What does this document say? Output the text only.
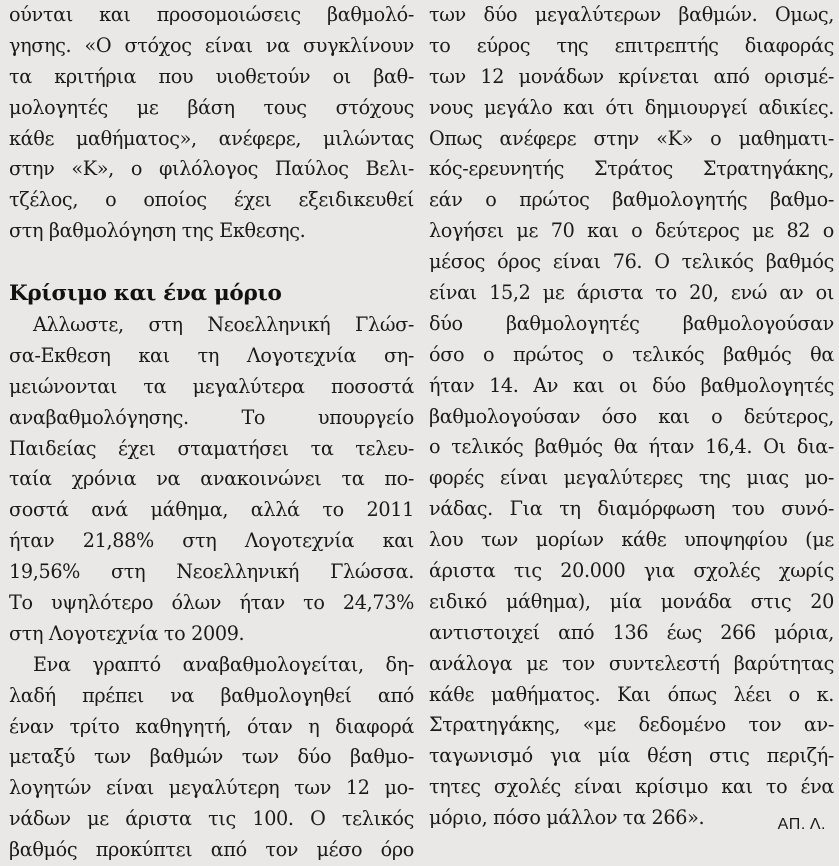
ούνται και προσομοιώσεις βαθμολό-
γησης. «Ο στόχος είναι να συγκλίνουν
τα κριτήρια που υιοθετούν οι βαθ-
μολογητές με βάση τους στόχους
κάθε μαθήματος», ανέφερε, μιλώντας
στην «Κ», ο φιλόλογος Παύλος Βελι-
τζέλος, ο οποίος έχει εξειδικευθεί
στη βαθμολόγηση της Εκθεσης.
Κρίσιμο και ένα μόριο
Αλλωστε, στη Νεοελληνική Γλώσ-
σα-Εκθεση και τη Λογοτεχνία ση-
μειώνονται τα μεγαλύτερα ποσοστά
αναβαθμολόγησης. Το υπουργείο
Παιδείας έχει σταματήσει τα τελευ-
ταία χρόνια να ανακοινώνει τα πο-
σοστά ανά μάθημα, αλλά το 2011
ήταν 21,88% στη Λογοτεχνία και
19,56% στη Νεοελληνική Γλώσσα.
Το υψηλότερο όλων ήταν το 24,73%
στη Λογοτεχνία το 2009.
Ενα γραπτό αναβαθμολογείται, δη-
λαδή πρέπει να βαθμολογηθεί από
έναν τρίτο καθηγητή, όταν η διαφορά
μεταξύ των βαθμών των δύο βαθμο-
λογητών είναι μεγαλύτερη των 12 μο-
νάδων με άριστα τις 100. Ο τελικός
βαθμός προκύπτει από τον μέσο όρο
των δύο μεγαλύτερων βαθμών. Ομως,
το εύρος της επιτρεπτής διαφοράς
των 12 μονάδων κρίνεται από ορισμέ-
νους μεγάλο και ότι δημιουργεί αδικίες.
Οπως ανέφερε στην «Κ» ο μαθηματι-
κός-ερευνητής Στράτος Στρατηγάκης,
εάν ο πρώτος βαθμολογητής βαθμο-
λογήσει με 70 και ο δεύτερος με 82 ο
μέσος όρος είναι 76. Ο τελικός βαθμός
είναι 15,2 με άριστα το 20, ενώ αν οι
δύο βαθμολογητές βαθμολογούσαν
όσο ο πρώτος ο τελικός βαθμός θα
ήταν 14. Αν και οι δύο βαθμολογητές
βαθμολογούσαν όσο και ο δεύτερος,
ο τελικός βαθμός θα ήταν 16,4. Οι δια-
φορές είναι μεγαλύτερες της μιας μο-
νάδας. Για τη διαμόρφωση του συνό-
λου των μορίων κάθε υποψηφίου (με
άριστα τις 20.000 για σχολές χωρίς
ειδικό μάθημα), μία μονάδα στις 20
αντιστοιχεί από 136 έως 266 μόρια,
ανάλογα με τον συντελεστή βαρύτητας
κάθε μαθήματος. Και όπως λέει ο κ.
Στρατηγάκης, «με δεδομένο τον αν-
ταγωνισμό για μία θέση στις περιζή-
τητες σχολές είναι κρίσιμο και το ένα
μόριο, πόσο μάλλον τα 266».	ΑΠ. Λ.
